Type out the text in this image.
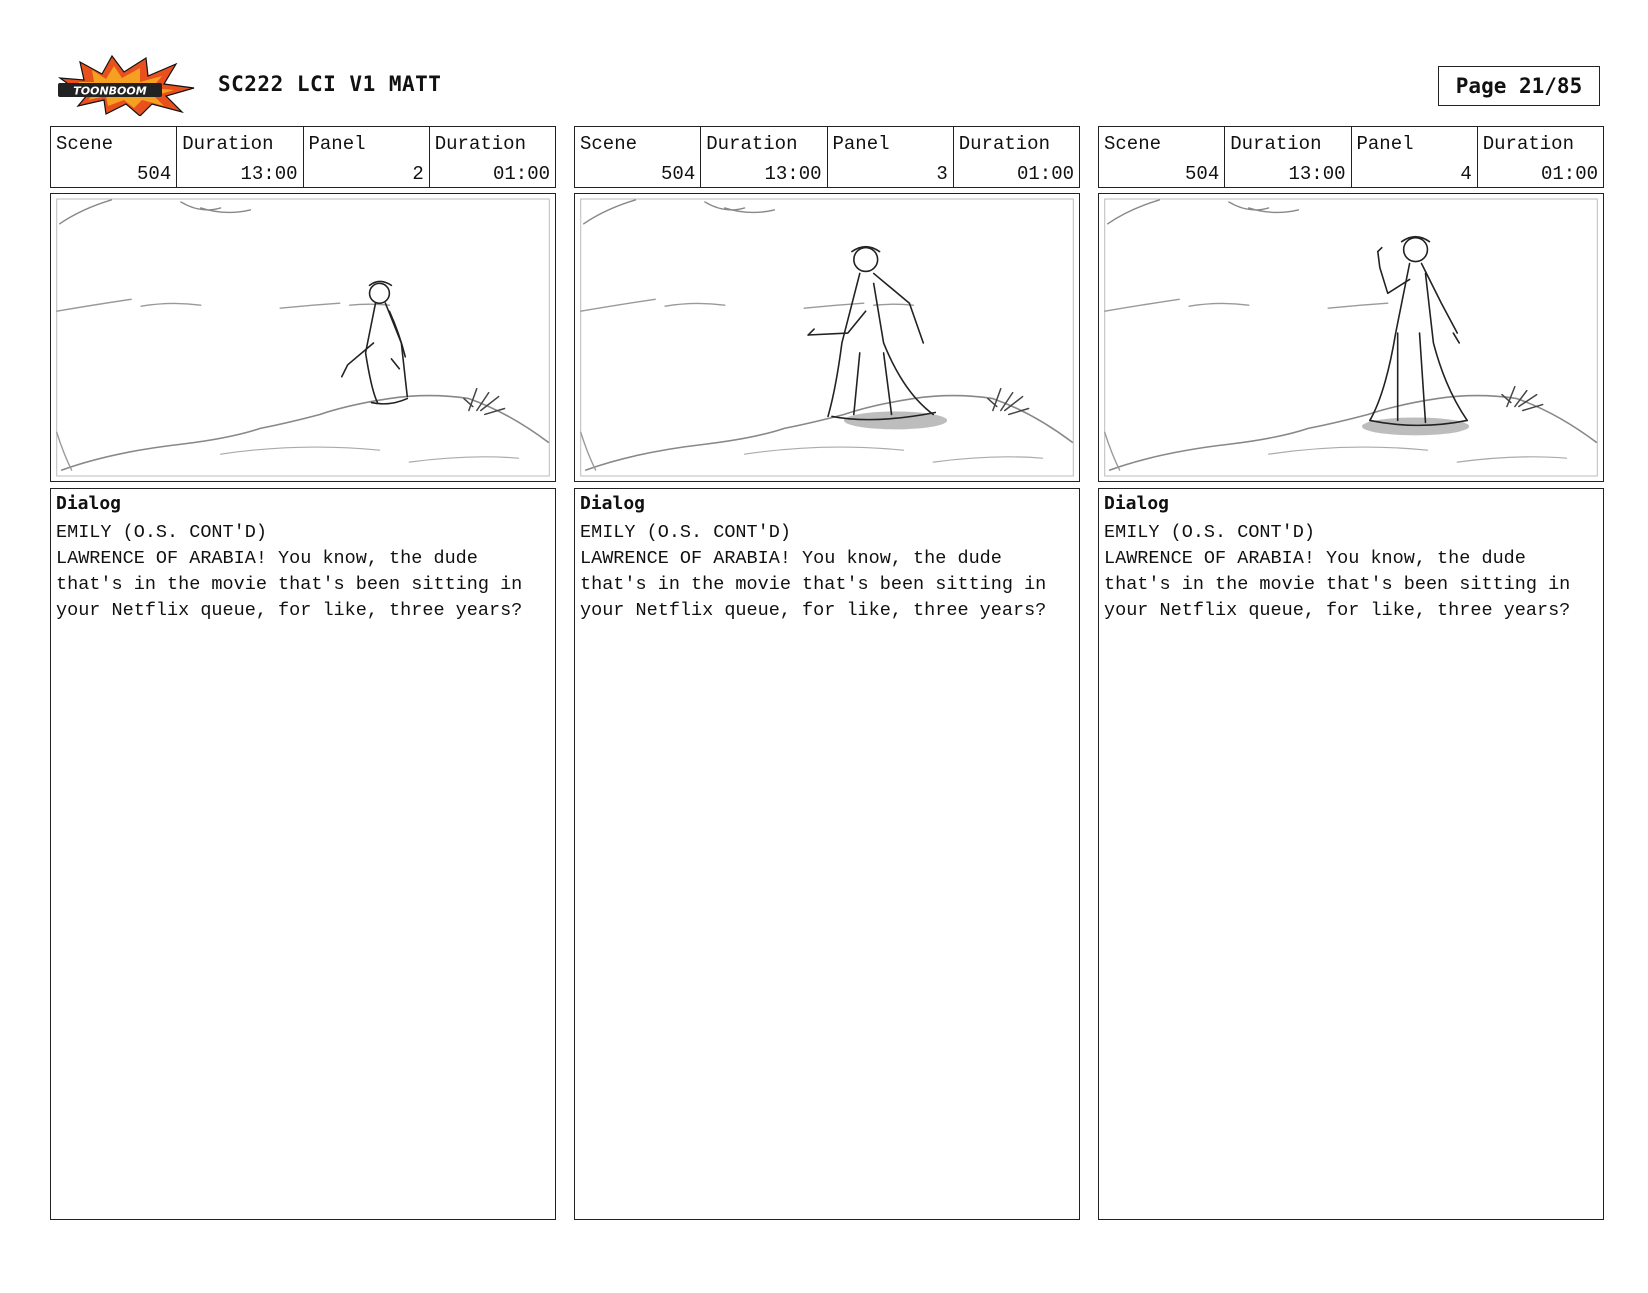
TOONBOOM	SC222 LCI V1 MATT	Page 21/85
Scene
504
Duration
13:00
Panel
2
Duration
01:00
Dialog
EMILY (O.S. CONT'D)
LAWRENCE OF ARABIA! You know, the dude that's in the movie that's been sitting in your Netflix queue, for like, three years?
Scene
504
Duration
13:00
Panel
3
Duration
01:00
Dialog
EMILY (O.S. CONT'D)
LAWRENCE OF ARABIA! You know, the dude that's in the movie that's been sitting in your Netflix queue, for like, three years?
Scene
504
Duration
13:00
Panel
4
Duration
01:00
Dialog
EMILY (O.S. CONT'D)
LAWRENCE OF ARABIA! You know, the dude that's in the movie that's been sitting in your Netflix queue, for like, three years?
